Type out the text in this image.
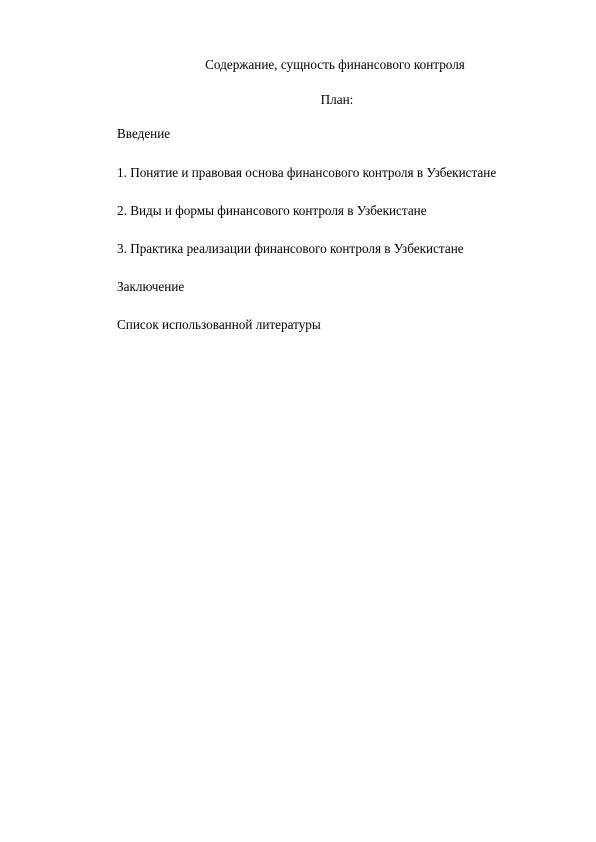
Содержание, сущность финансового контроля
План:
Введение
1. Понятие и правовая основа финансового контроля в Узбекистане
2. Виды и формы финансового контроля в Узбекистане
3. Практика реализации финансового контроля в Узбекистане
Заключение
Список использованной литературы
